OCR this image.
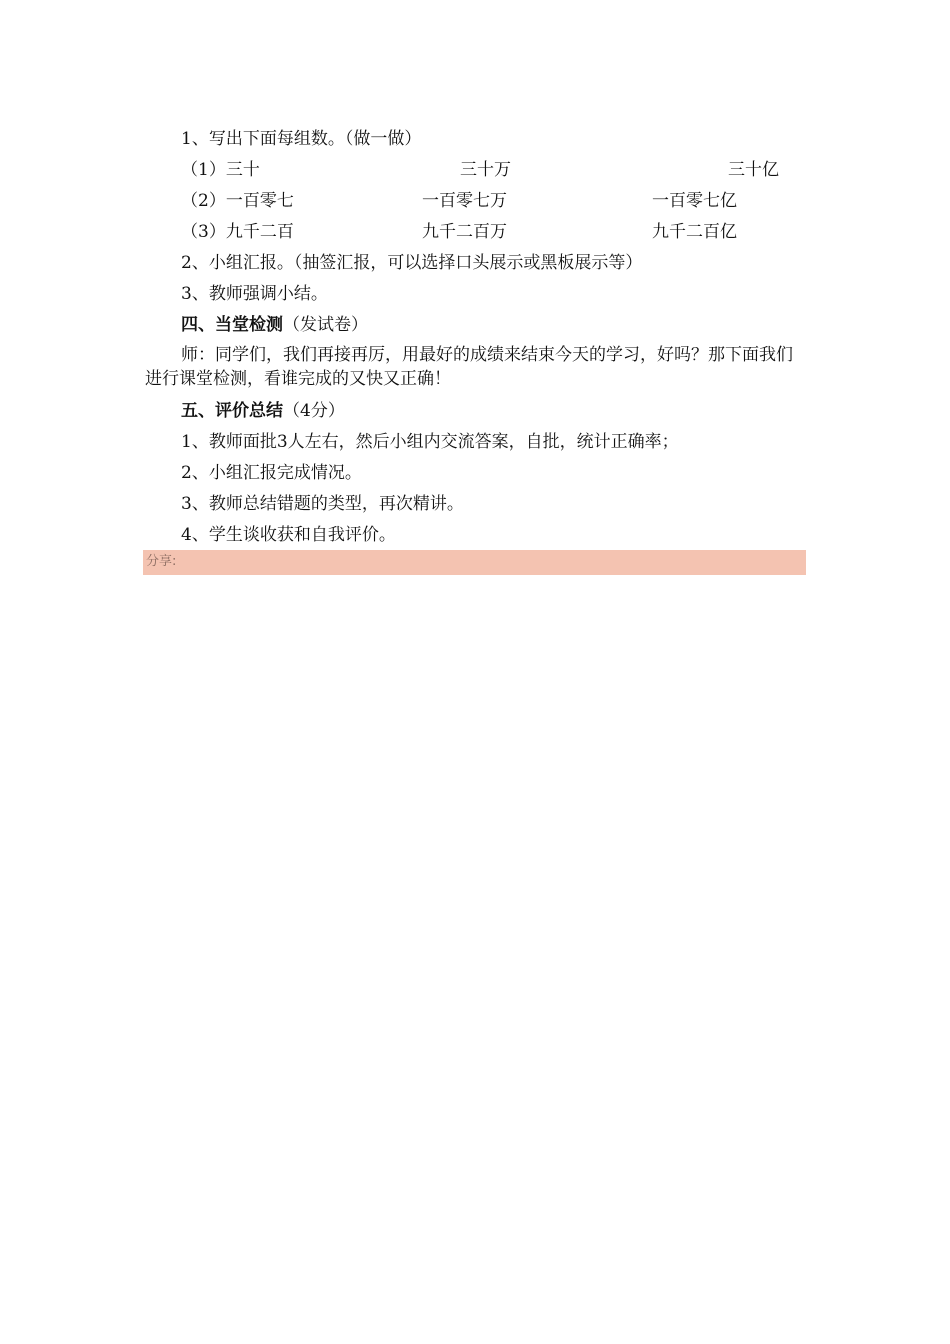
1、写出下面每组数。（做一做）
（1）三十	三十万	三十亿
（2）一百零七	一百零七万	一百零七亿
（3）九千二百	九千二百万	九千二百亿
2、小组汇报。（抽签汇报，可以选择口头展示或黑板展示等）
3、教师强调小结。
四、当堂检测（发试卷）
师：同学们，我们再接再厉，用最好的成绩来结束今天的学习，好吗？那下面我们进行课堂检测，看谁完成的又快又正确！
五、评价总结（4分）
1、教师面批3人左右，然后小组内交流答案，自批，统计正确率；
2、小组汇报完成情况。
3、教师总结错题的类型，再次精讲。
4、学生谈收获和自我评价。
分享:
